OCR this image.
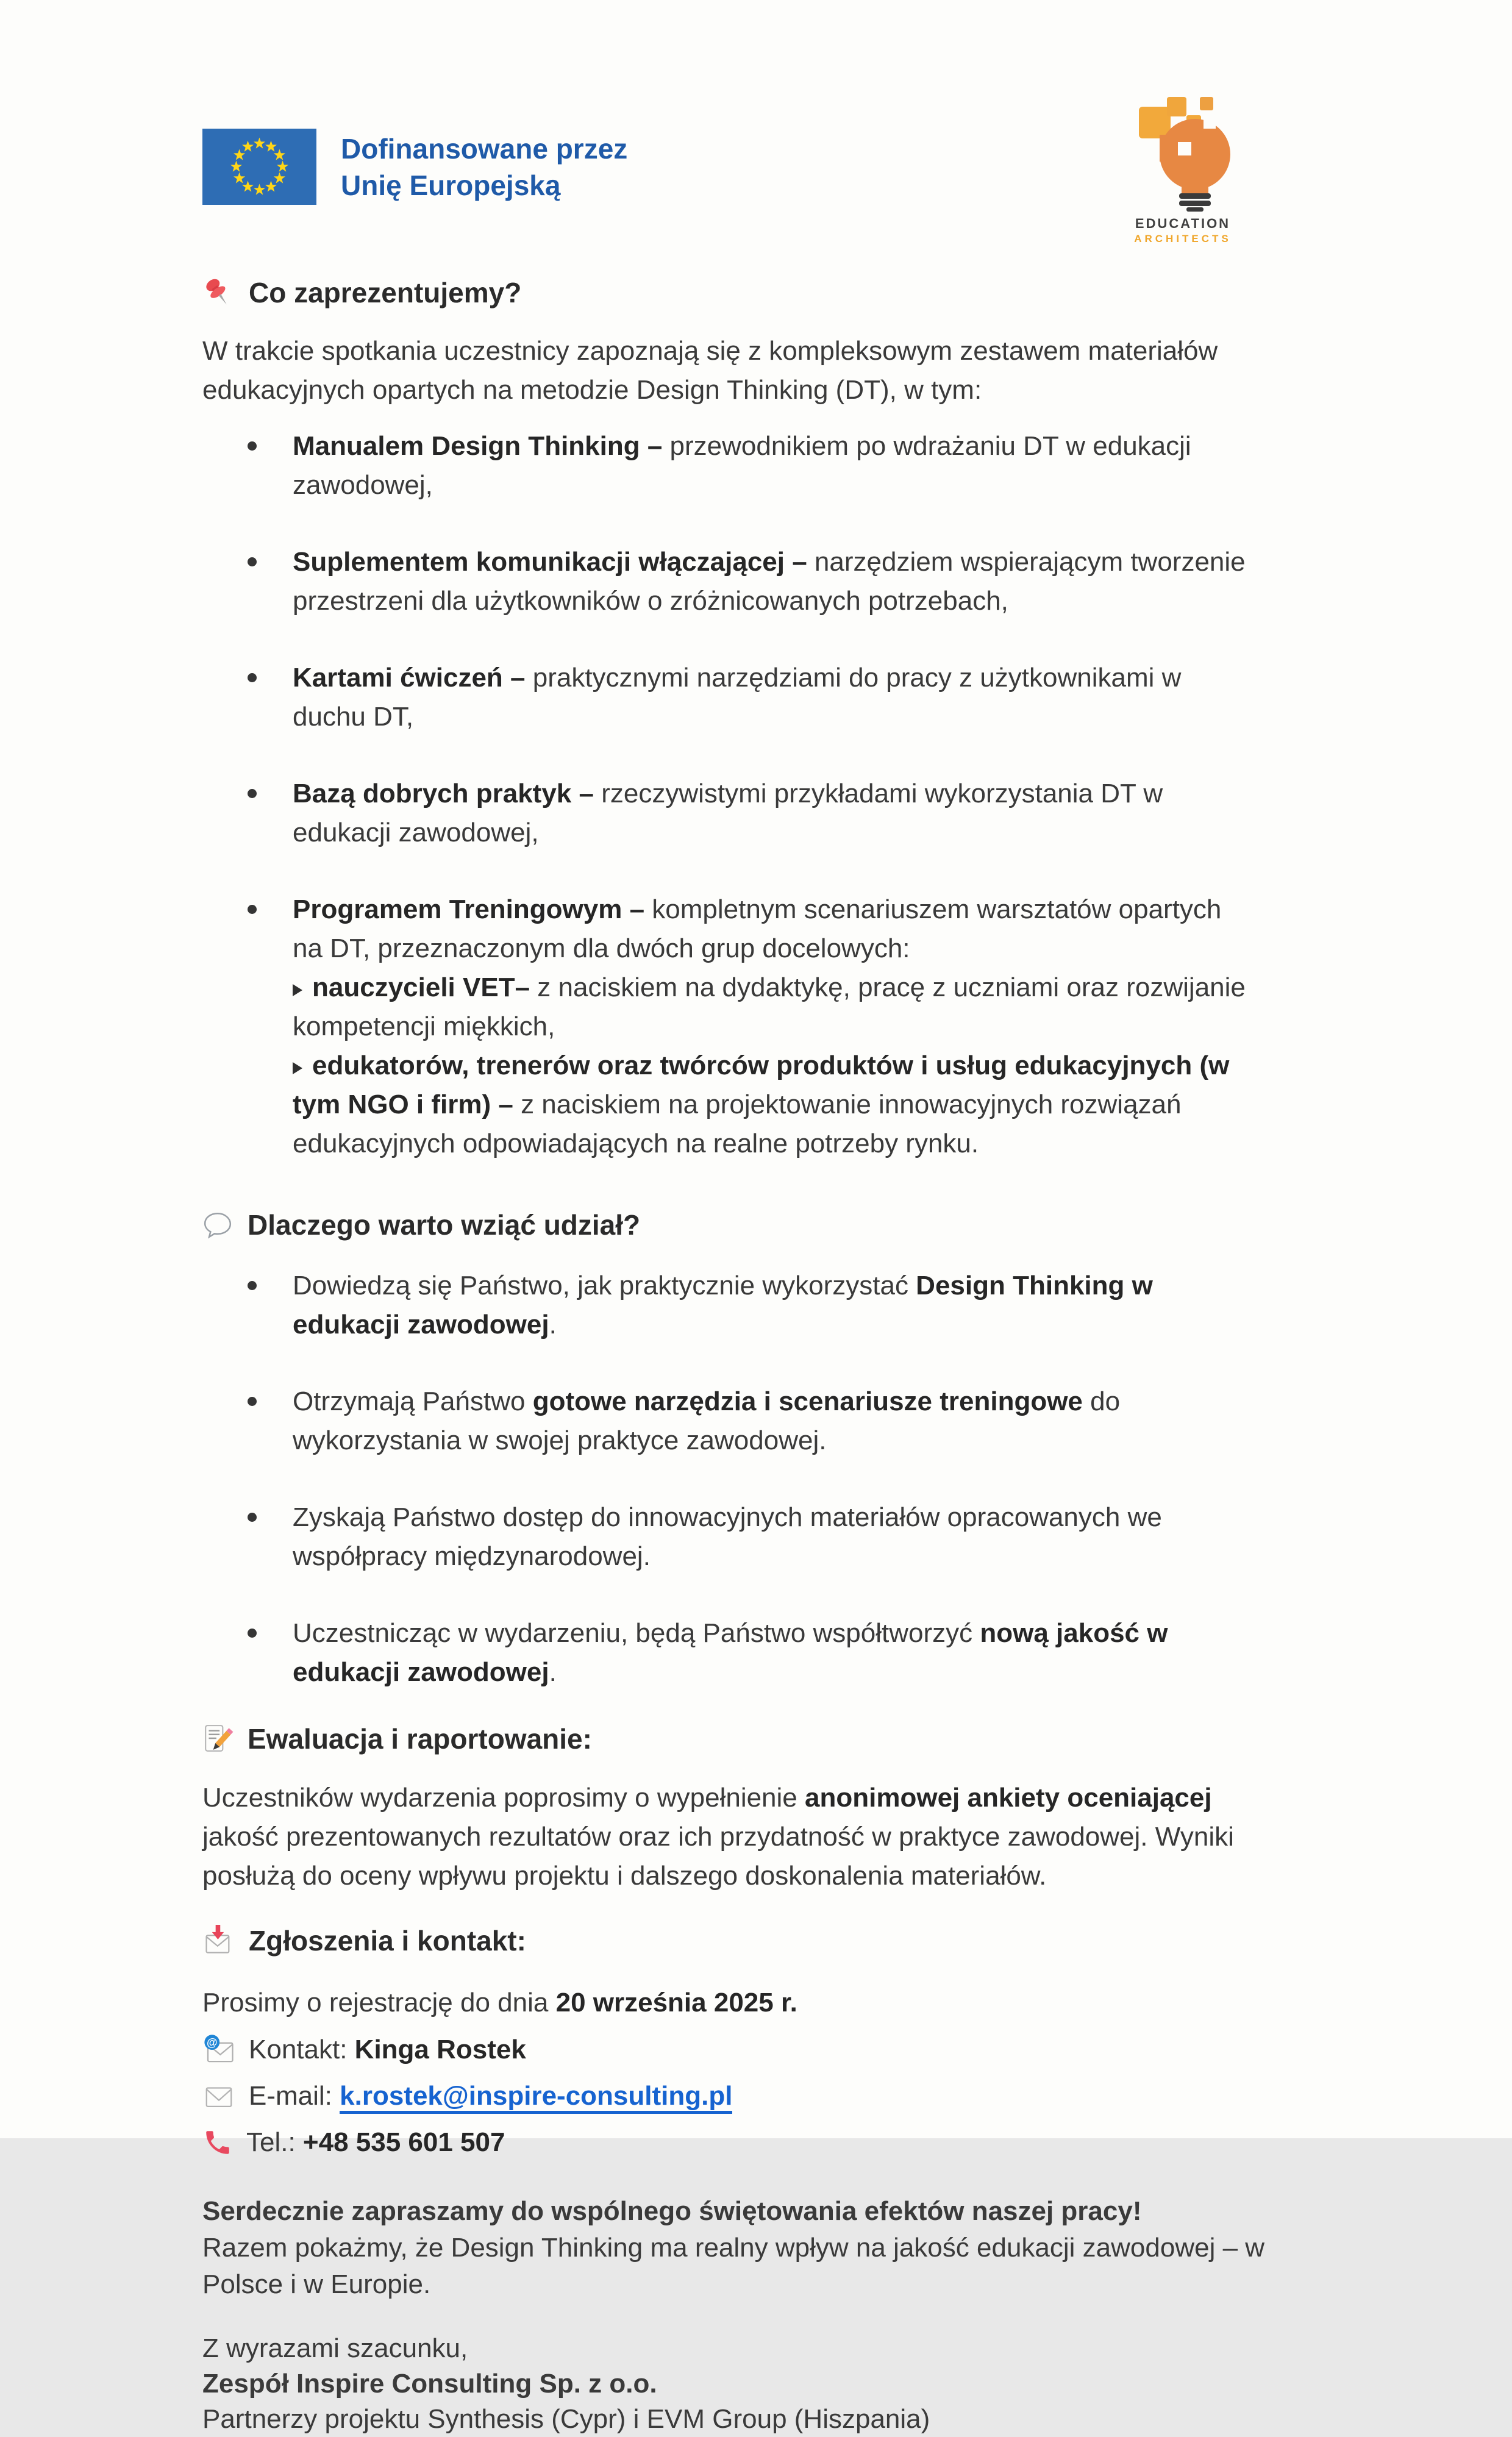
Dofinansowane przez
Unię Europejską
EDUCATION
ARCHITECTS
Co zaprezentujemy?

W trakcie spotkania uczestnicy zapoznają się z kompleksowym zestawem materiałów edukacyjnych opartych na metodzie Design Thinking (DT), w tym:

Manualem Design Thinking – przewodnikiem po wdrażaniu DT w edukacji zawodowej,
Suplementem komunikacji włączającej – narzędziem wspierającym tworzenie przestrzeni dla użytkowników o zróżnicowanych potrzebach,
Kartami ćwiczeń – praktycznymi narzędziami do pracy z użytkownikami w duchu DT,
Bazą dobrych praktyk – rzeczywistymi przykładami wykorzystania DT w edukacji zawodowej,
Programem Treningowym – kompletnym scenariuszem warsztatów opartych na DT, przeznaczonym dla dwóch grup docelowych:
nauczycieli VET– z naciskiem na dydaktykę, pracę z uczniami oraz rozwijanie kompetencji miękkich,
edukatorów, trenerów oraz twórców produktów i usług edukacyjnych (w tym NGO i firm) – z naciskiem na projektowanie innowacyjnych rozwiązań edukacyjnych odpowiadających na realne potrzeby rynku.
Dlaczego warto wziąć udział?
Dowiedzą się Państwo, jak praktycznie wykorzystać Design Thinking w edukacji zawodowej.
Otrzymają Państwo gotowe narzędzia i scenariusze treningowe do wykorzystania w swojej praktyce zawodowej.
Zyskają Państwo dostęp do innowacyjnych materiałów opracowanych we współpracy międzynarodowej.
Uczestnicząc w wydarzeniu, będą Państwo współtworzyć nową jakość w edukacji zawodowej.
Ewaluacja i raportowanie:

Uczestników wydarzenia poprosimy o wypełnienie anonimowej ankiety oceniającej jakość prezentowanych rezultatów oraz ich przydatność w praktyce zawodowej. Wyniki posłużą do oceny wpływu projektu i dalszego doskonalenia materiałów.

Zgłoszenia i kontakt:

Prosimy o rejestrację do dnia 20 września 2025 r.

@ Kontakt: Kinga Rostek
E-mail: k.rostek@inspire-consulting.pl
Tel.: +48 535 601 507
Serdecznie zapraszamy do wspólnego świętowania efektów naszej pracy!
Razem pokażmy, że Design Thinking ma realny wpływ na jakość edukacji zawodowej – w Polsce i w Europie.
Z wyrazami szacunku,
Zespół Inspire Consulting Sp. z o.o.
Partnerzy projektu Synthesis (Cypr) i EVM Group (Hiszpania)
